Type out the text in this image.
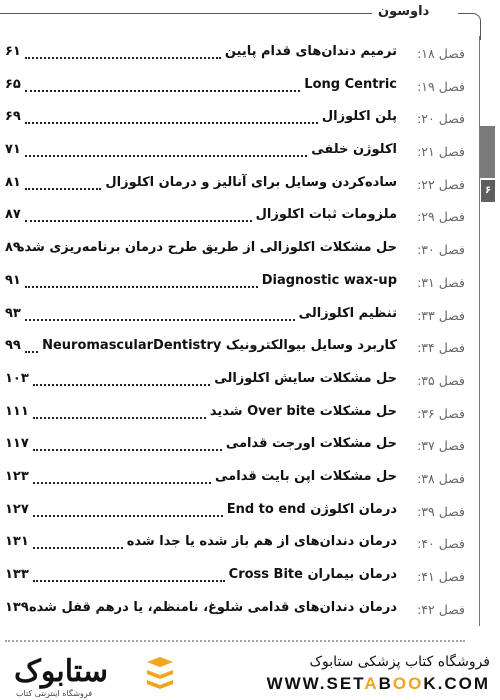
داوسون
۶
فصل ۱۸:
ترمیم دندان‌های قدام پایین
۶۱
فصل ۱۹:
Long Centric
۶۵
فصل ۲۰:
پلن اکلوزال
۶۹
فصل ۲۱:
اکلوژن خلفی
۷۱
فصل ۲۲:
ساده‌کردن وسایل برای آنالیز و درمان اکلوزال
۸۱
فصل ۲۹:
ملزومات ثبات اکلوزال
۸۷
فصل ۳۰:
حل مشکلات اکلوزالی از طریق طرح درمان برنامه‌ریزی شده
۸۹
فصل ۳۱:
Diagnostic wax-up
۹۱
فصل ۳۳:
تنظیم اکلوزالی
۹۳
فصل ۳۴:
کاربرد وسایل بیوالکترونیک NeuromascularDentistry
۹۹
فصل ۳۵:
حل مشکلات سایش اکلوزالی
۱۰۳
فصل ۳۶:
حل مشکلات Over bite شدید
۱۱۱
فصل ۳۷:
حل مشکلات اورجت قدامی
۱۱۷
فصل ۳۸:
حل مشکلات اپن بایت قدامی
۱۲۳
فصل ۳۹:
درمان اکلوژن End to end
۱۲۷
فصل ۴۰:
درمان دندان‌های از هم باز شده یا جدا شده
۱۳۱
فصل ۴۱:
درمان بیماران Cross Bite
۱۳۳
فصل ۴۲:
درمان دندان‌های قدامی شلوغ، نامنظم، یا درهم قفل شده
۱۳۹
ستابوک
فروشگاه اینترنتی کتاب
فروشگاه کتاب پزشکی ستابوک
WWW.SETABOOK.COM
